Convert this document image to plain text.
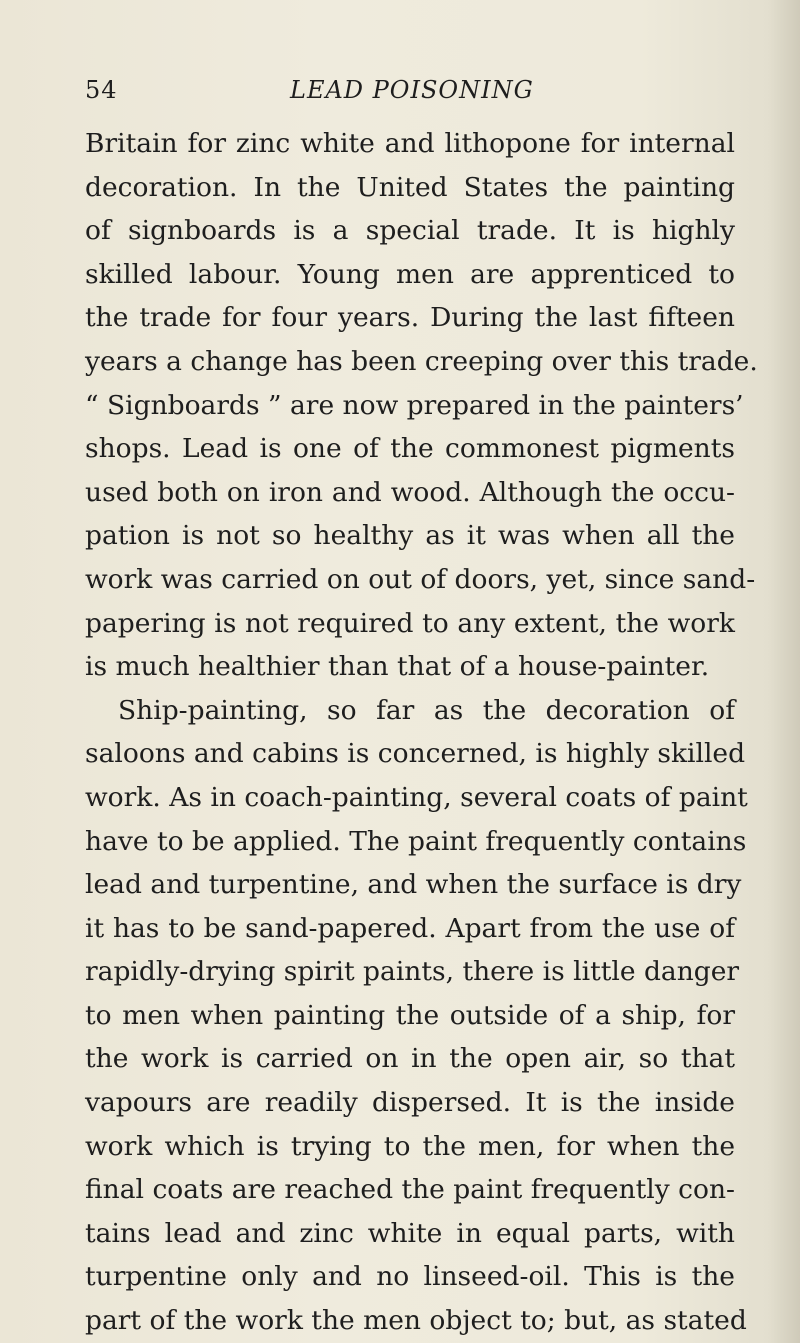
54	LEAD POISONING
Britain for zinc white and lithopone for internal
decoration. In the United States the painting
of signboards is a special trade. It is highly
skilled labour. Young men are apprenticed to
the trade for four years. During the last fifteen
years a change has been creeping over this trade.
“ Signboards ” are now prepared in the painters’
shops. Lead is one of the commonest pigments
used both on iron and wood. Although the occu-
pation is not so healthy as it was when all the
work was carried on out of doors, yet, since sand-
papering is not required to any extent, the work
is much healthier than that of a house-painter.
Ship-painting, so far as the decoration of
saloons and cabins is concerned, is highly skilled
work. As in coach-painting, several coats of paint
have to be applied. The paint frequently contains
lead and turpentine, and when the surface is dry
it has to be sand-papered. Apart from the use of
rapidly-drying spirit paints, there is little danger
to men when painting the outside of a ship, for
the work is carried on in the open air, so that
vapours are readily dispersed. It is the inside
work which is trying to the men, for when the
final coats are reached the paint frequently con-
tains lead and zinc white in equal parts, with
turpentine only and no linseed-oil. This is the
part of the work the men object to; but, as stated
